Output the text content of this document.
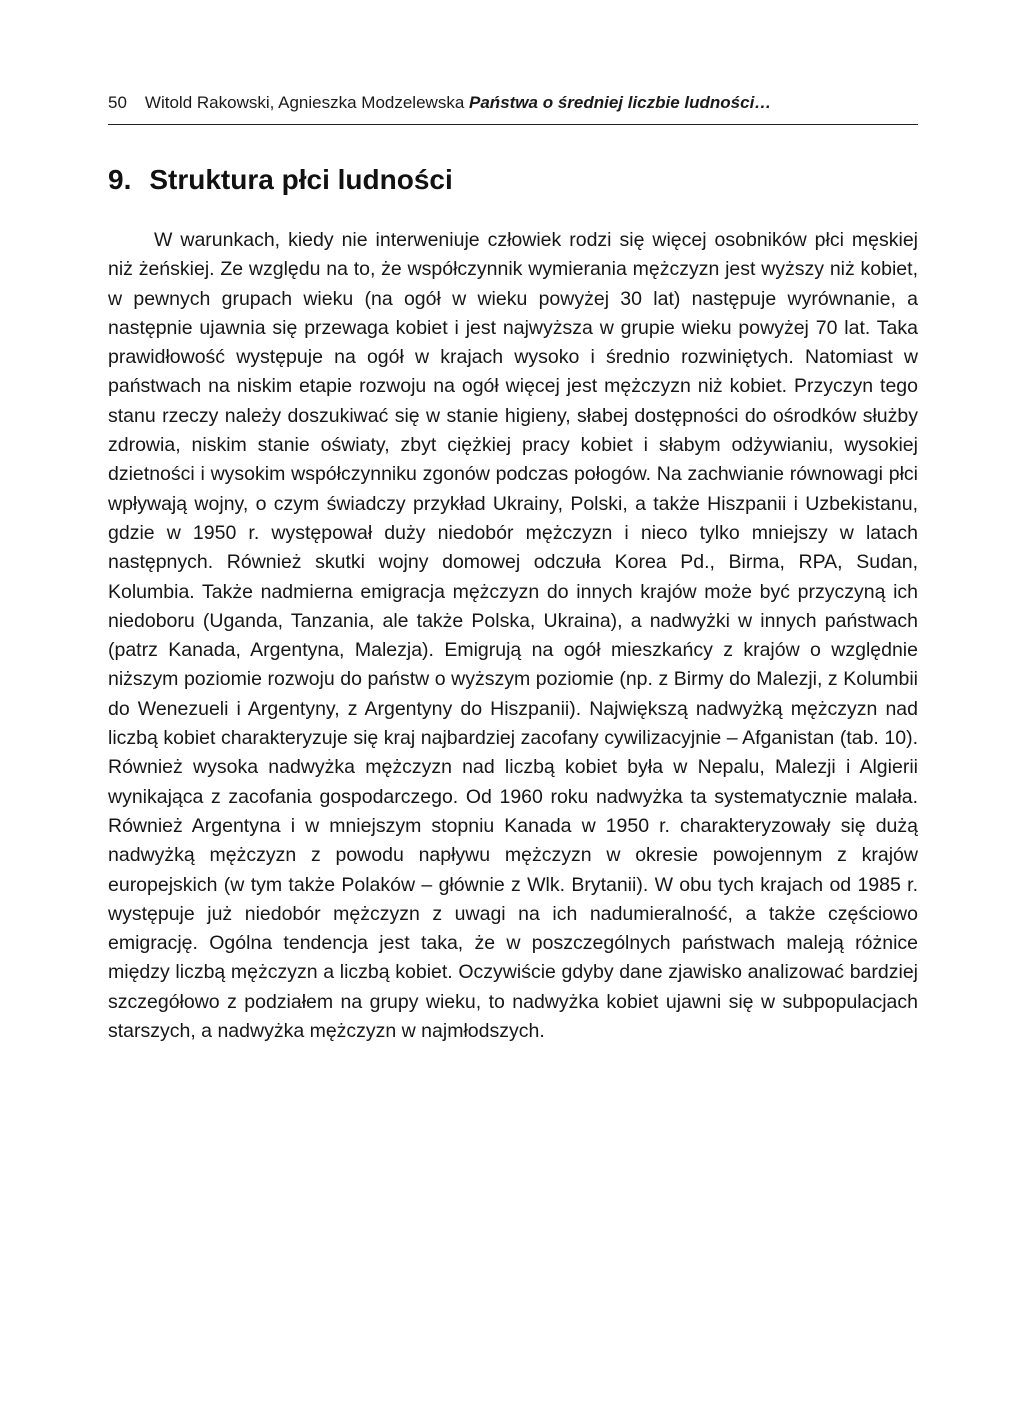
50 Witold Rakowski, Agnieszka Modzelewska Państwa o średniej liczbie ludności…
9. Struktura płci ludności

W warunkach, kiedy nie interweniuje człowiek rodzi się więcej osobników płci męskiej niż żeńskiej. Ze względu na to, że współczynnik wymierania mężczyzn jest wyższy niż kobiet, w pewnych grupach wieku (na ogół w wieku powyżej 30 lat) następuje wyrównanie, a następnie ujawnia się przewaga kobiet i jest najwyższa w grupie wieku powyżej 70 lat. Taka prawidłowość występuje na ogół w krajach wysoko i średnio rozwiniętych. Natomiast w państwach na niskim etapie rozwoju na ogół więcej jest mężczyzn niż kobiet. Przyczyn tego stanu rzeczy należy doszukiwać się w stanie higieny, słabej dostępności do ośrodków służby zdrowia, niskim stanie oświaty, zbyt ciężkiej pracy kobiet i słabym odżywianiu, wysokiej dzietności i wysokim współczynniku zgonów podczas połogów. Na zachwianie równowagi płci wpływają wojny, o czym świadczy przykład Ukrainy, Polski, a także Hiszpanii i Uzbekistanu, gdzie w 1950 r. występował duży niedobór mężczyzn i nieco tylko mniejszy w latach następnych. Również skutki wojny domowej odczuła Korea Pd., Birma, RPA, Sudan, Kolumbia. Także nadmierna emigracja mężczyzn do innych krajów może być przyczyną ich niedoboru (Uganda, Tanzania, ale także Polska, Ukraina), a nadwyżki w innych państwach (patrz Kanada, Argentyna, Malezja). Emigrują na ogół mieszkańcy z krajów o względnie niższym poziomie rozwoju do państw o wyższym poziomie (np. z Birmy do Malezji, z Kolumbii do Wenezueli i Argentyny, z Argentyny do Hiszpanii). Największą nadwyżką mężczyzn nad liczbą kobiet charakteryzuje się kraj najbardziej zacofany cywilizacyjnie – Afganistan (tab. 10). Również wysoka nadwyżka mężczyzn nad liczbą kobiet była w Nepalu, Malezji i Algierii wynikająca z zacofania gospodarczego. Od 1960 roku nadwyżka ta systematycznie malała. Również Argentyna i w mniejszym stopniu Kanada w 1950 r. charakteryzowały się dużą nadwyżką mężczyzn z powodu napływu mężczyzn w okresie powojennym z krajów europejskich (w tym także Polaków – głównie z Wlk. Brytanii). W obu tych krajach od 1985 r. występuje już niedobór mężczyzn z uwagi na ich nadumieralność, a także częściowo emigrację. Ogólna tendencja jest taka, że w poszczególnych państwach maleją różnice między liczbą mężczyzn a liczbą kobiet. Oczywiście gdyby dane zjawisko analizować bardziej szczegółowo z podziałem na grupy wieku, to nadwyżka kobiet ujawni się w subpopulacjach starszych, a nadwyżka mężczyzn w najmłodszych.
